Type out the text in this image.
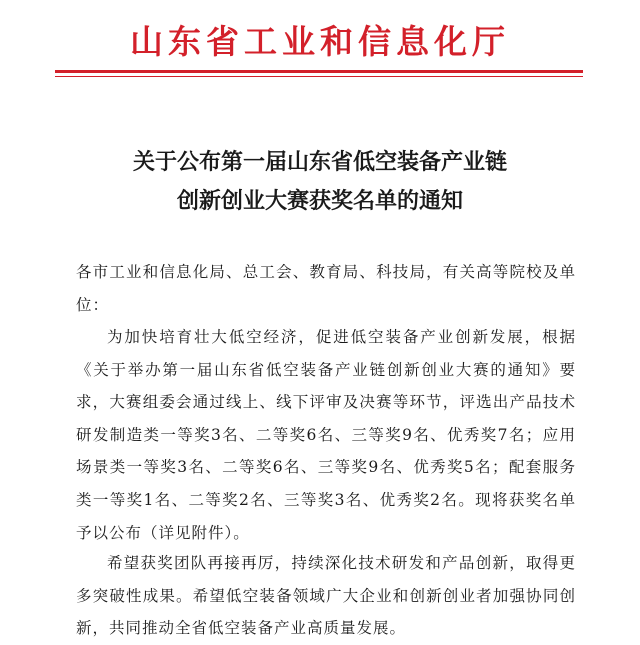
山东省工业和信息化厅
关于公布第一届山东省低空装备产业链
创新创业大赛获奖名单的通知
各市工业和信息化局、总工会、教育局、科技局，有关高等院校及单位：
为加快培育壮大低空经济，促进低空装备产业创新发展，根据《关于举办第一届山东省低空装备产业链创新创业大赛的通知》要求，大赛组委会通过线上、线下评审及决赛等环节，评选出产品技术研发制造类一等奖3名、二等奖6名、三等奖9名、优秀奖7名；应用场景类一等奖3名、二等奖6名、三等奖9名、优秀奖5名；配套服务类一等奖1名、二等奖2名、三等奖3名、优秀奖2名。现将获奖名单予以公布（详见附件）。
希望获奖团队再接再厉，持续深化技术研发和产品创新，取得更多突破性成果。希望低空装备领域广大企业和创新创业者加强协同创新，共同推动全省低空装备产业高质量发展。
